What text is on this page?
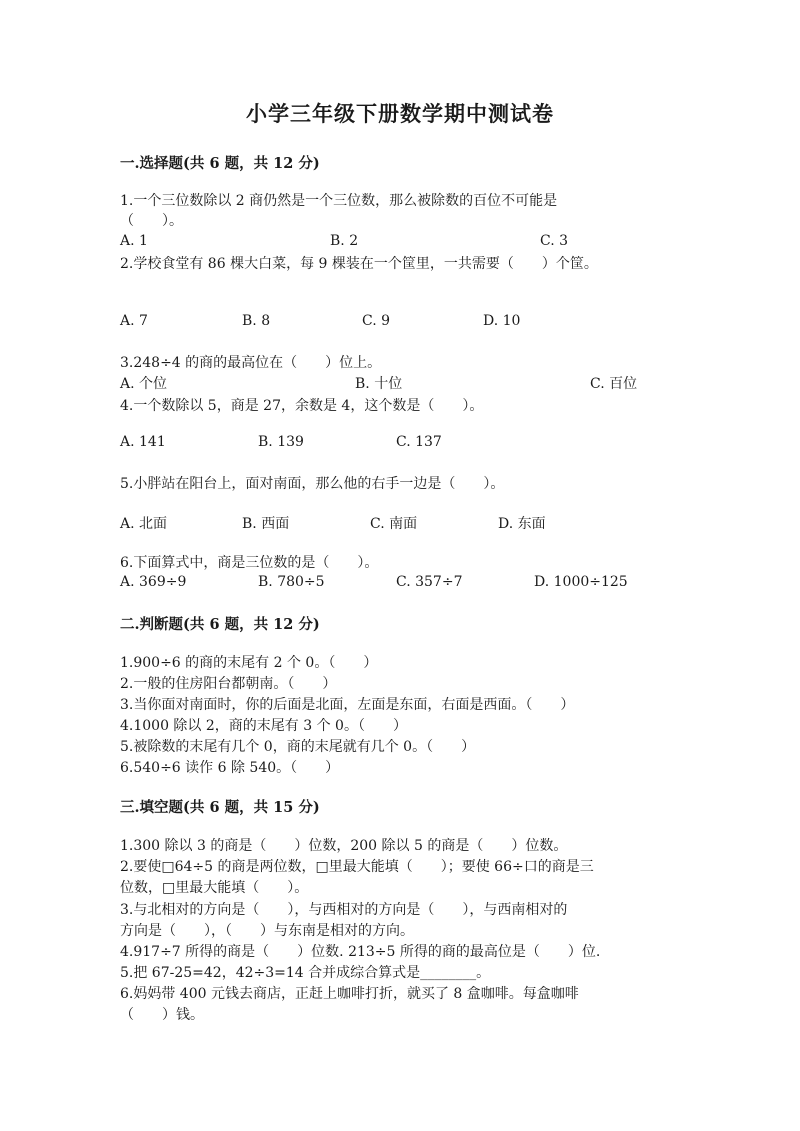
小学三年级下册数学期中测试卷
一.选择题(共 6 题，共 12 分)
1.一个三位数除以 2 商仍然是一个三位数，那么被除数的百位不可能是
（　　）。
A. 1	B. 2	C. 3
2.学校食堂有 86 棵大白菜，每 9 棵装在一个筐里，一共需要（　　）个筐。
A. 7	B. 8	C. 9	D. 10
3.248÷4 的商的最高位在（　　）位上。
A. 个位	B. 十位	C. 百位
4.一个数除以 5，商是 27，余数是 4，这个数是（　　）。
A. 141	B. 139	C. 137
5.小胖站在阳台上，面对南面，那么他的右手一边是（　　）。
A. 北面	B. 西面	C. 南面	D. 东面
6.下面算式中，商是三位数的是（　　）。
A. 369÷9	B. 780÷5	C. 357÷7	D. 1000÷125
二.判断题(共 6 题，共 12 分)
1.900÷6 的商的末尾有 2 个 0。（　　）
2.一般的住房阳台都朝南。（　　）
3.当你面对南面时，你的后面是北面，左面是东面，右面是西面。（　　）
4.1000 除以 2，商的末尾有 3 个 0。（　　）
5.被除数的末尾有几个 0，商的末尾就有几个 0。（　　）
6.540÷6 读作 6 除 540。（　　）
三.填空题(共 6 题，共 15 分)
1.300 除以 3 的商是（　　）位数，200 除以 5 的商是（　　）位数。
2.要使□64÷5 的商是两位数，□里最大能填（　　）；要使 66÷口的商是三
位数，□里最大能填（　　）。
3.与北相对的方向是（　　），与西相对的方向是（　　），与西南相对的
方向是（　　），（　　）与东南是相对的方向。
4.917÷7 所得的商是（　　）位数. 213÷5 所得的商的最高位是（　　）位.
5.把 67-25=42，42÷3=14 合并成综合算式是________。
6.妈妈带 400 元钱去商店，正赶上咖啡打折，就买了 8 盒咖啡。每盒咖啡
（　　）钱。
